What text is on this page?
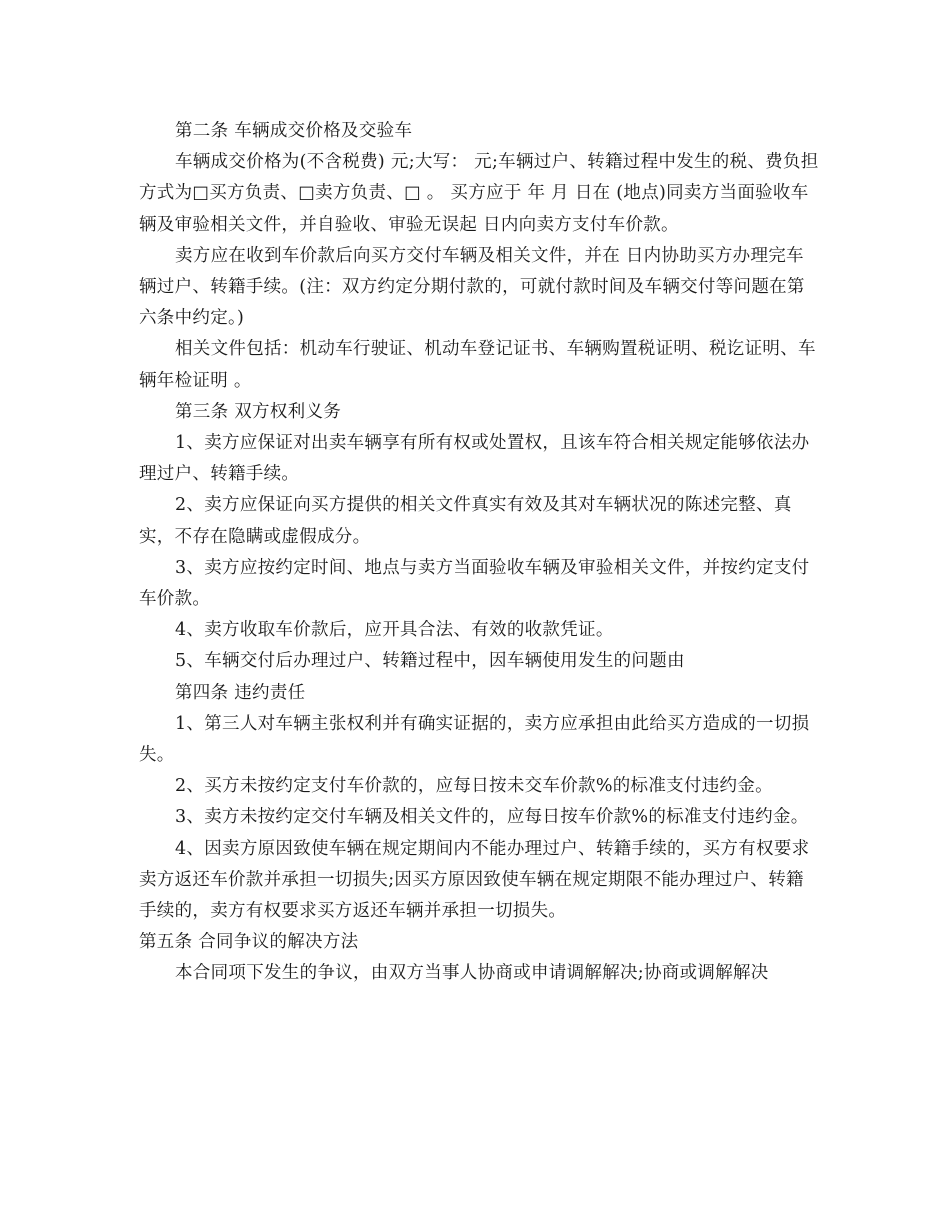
第二条 车辆成交价格及交验车

车辆成交价格为(不含税费) 元;大写： 元;车辆过户、转籍过程中发生的税、费负担方式为□买方负责、□卖方负责、□ 。 买方应于 年 月 日在 (地点)同卖方当面验收车辆及审验相关文件，并自验收、审验无误起 日内向卖方支付车价款。

卖方应在收到车价款后向买方交付车辆及相关文件，并在 日内协助买方办理完车辆过户、转籍手续。(注：双方约定分期付款的，可就付款时间及车辆交付等问题在第六条中约定。)

相关文件包括：机动车行驶证、机动车登记证书、车辆购置税证明、税讫证明、车辆年检证明 。

第三条 双方权利义务

1、卖方应保证对出卖车辆享有所有权或处置权，且该车符合相关规定能够依法办理过户、转籍手续。

2、卖方应保证向买方提供的相关文件真实有效及其对车辆状况的陈述完整、真实，不存在隐瞒或虚假成分。

3、卖方应按约定时间、地点与卖方当面验收车辆及审验相关文件，并按约定支付车价款。

4、卖方收取车价款后，应开具合法、有效的收款凭证。

5、车辆交付后办理过户、转籍过程中，因车辆使用发生的问题由

第四条 违约责任

1、第三人对车辆主张权利并有确实证据的，卖方应承担由此给买方造成的一切损失。

2、买方未按约定支付车价款的，应每日按未交车价款%的标准支付违约金。

3、卖方未按约定交付车辆及相关文件的，应每日按车价款%的标准支付违约金。

4、因卖方原因致使车辆在规定期间内不能办理过户、转籍手续的，买方有权要求卖方返还车价款并承担一切损失;因买方原因致使车辆在规定期限不能办理过户、转籍手续的，卖方有权要求买方返还车辆并承担一切损失。

第五条 合同争议的解决方法

本合同项下发生的争议，由双方当事人协商或申请调解解决;协商或调解解决
